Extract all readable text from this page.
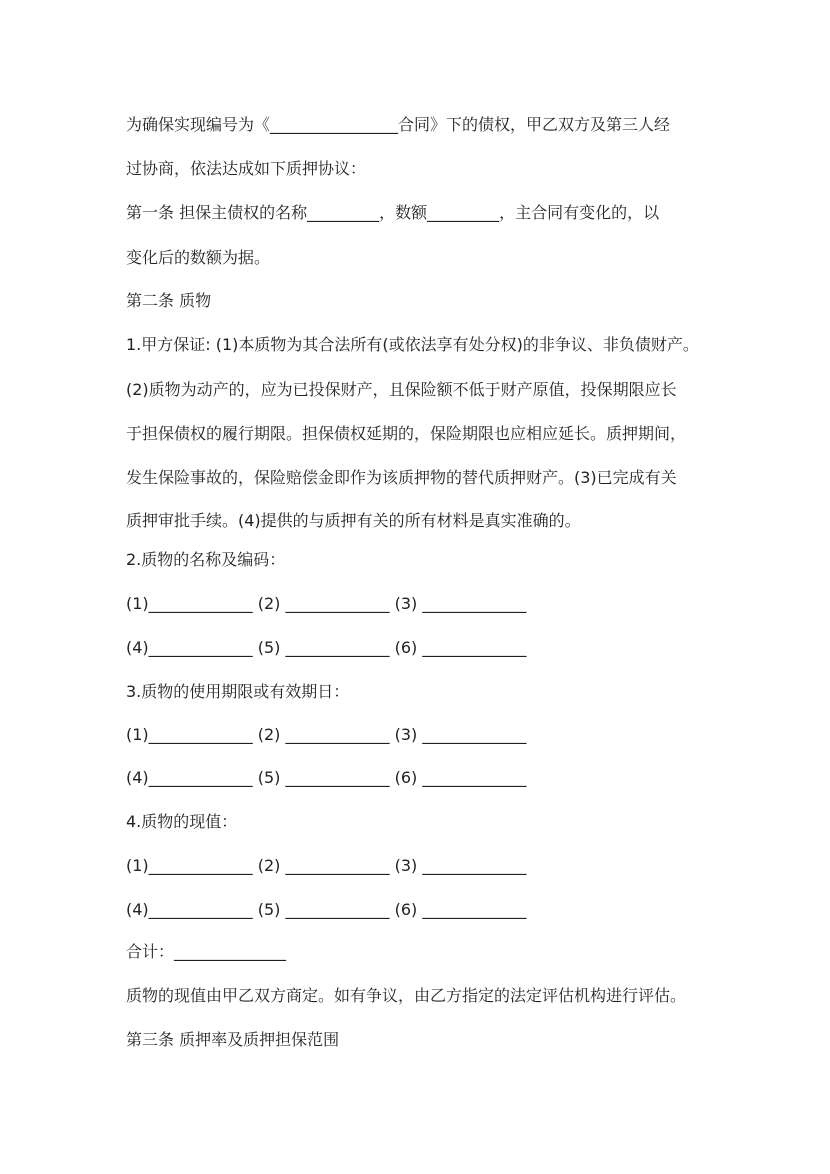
为确保实现编号为《________________合同》下的债权，甲乙双方及第三人经
过协商，依法达成如下质押协议：
第一条 担保主债权的名称_________，数额_________，主合同有变化的，以
变化后的数额为据。
第二条 质物
1.甲方保证: (1)本质物为其合法所有(或依法享有处分权)的非争议、非负债财产。
(2)质物为动产的，应为已投保财产，且保险额不低于财产原值，投保期限应长
于担保债权的履行期限。担保债权延期的，保险期限也应相应延长。质押期间，
发生保险事故的，保险赔偿金即作为该质押物的替代质押财产。(3)已完成有关
质押审批手续。(4)提供的与质押有关的所有材料是真实准确的。
2.质物的名称及编码：
(1)_____________ (2) _____________ (3) _____________
(4)_____________ (5) _____________ (6) _____________
3.质物的使用期限或有效期日：
(1)_____________ (2) _____________ (3) _____________
(4)_____________ (5) _____________ (6) _____________
4.质物的现值：
(1)_____________ (2) _____________ (3) _____________
(4)_____________ (5) _____________ (6) _____________
合计：______________
质物的现值由甲乙双方商定。如有争议，由乙方指定的法定评估机构进行评估。
第三条 质押率及质押担保范围
